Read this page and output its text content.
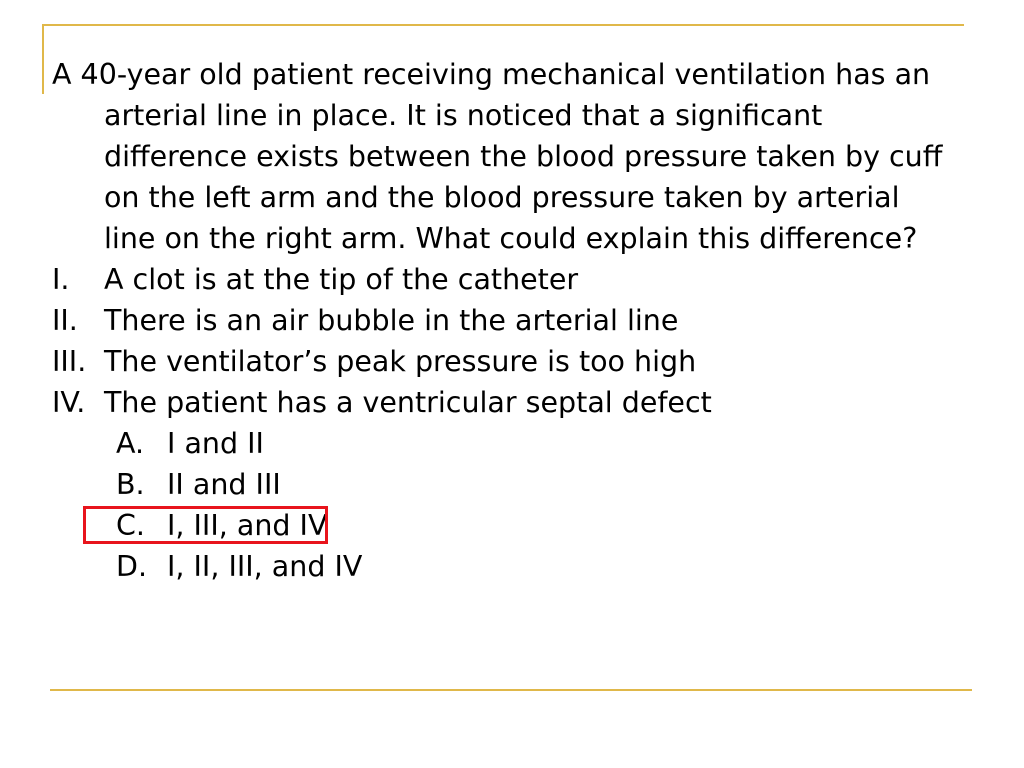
A 40-year old patient receiving mechanical ventilation has an arterial line in place. It is noticed that a significant difference exists between the blood pressure taken by cuff on the left arm and the blood pressure taken by arterial line on the right arm. What could explain this difference?

I.	A clot is at the tip of the catheter
II. There is an air bubble in the arterial line
III. The ventilator’s peak pressure is too high
IV. The patient has a ventricular septal defect
A. I and II
B. II and III
C. I, III, and IV
D. I, II, III, and IV
